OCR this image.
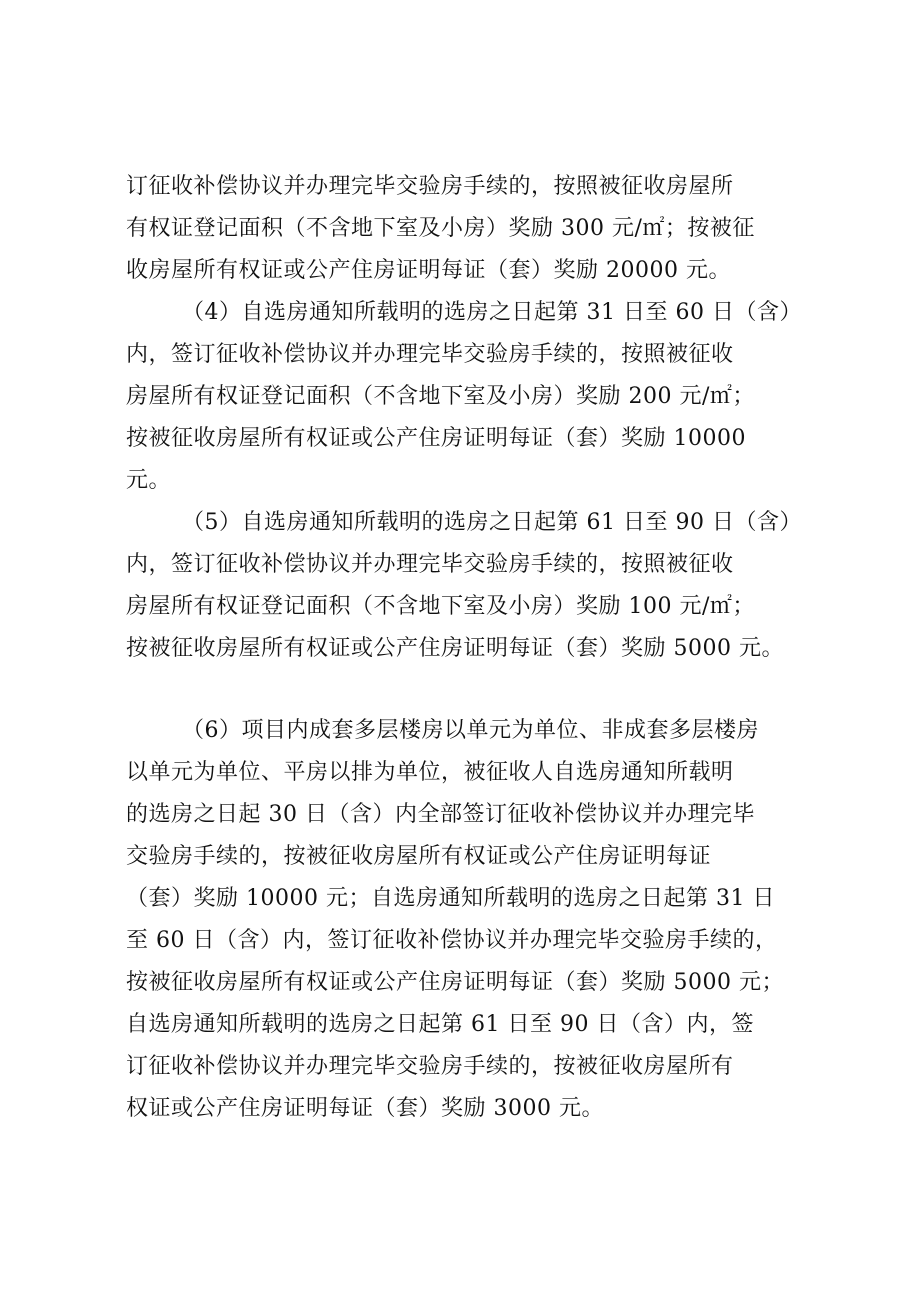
订征收补偿协议并办理完毕交验房手续的，按照被征收房屋所
有权证登记面积（不含地下室及小房）奖励 300 元/㎡；按被征
收房屋所有权证或公产住房证明每证（套）奖励 20000 元。
（4）自选房通知所载明的选房之日起第 31 日至 60 日（含）
内，签订征收补偿协议并办理完毕交验房手续的，按照被征收
房屋所有权证登记面积（不含地下室及小房）奖励 200 元/㎡；
按被征收房屋所有权证或公产住房证明每证（套）奖励 10000
元。
（5）自选房通知所载明的选房之日起第 61 日至 90 日（含）
内，签订征收补偿协议并办理完毕交验房手续的，按照被征收
房屋所有权证登记面积（不含地下室及小房）奖励 100 元/㎡；
按被征收房屋所有权证或公产住房证明每证（套）奖励 5000 元。
（6）项目内成套多层楼房以单元为单位、非成套多层楼房
以单元为单位、平房以排为单位，被征收人自选房通知所载明
的选房之日起 30 日（含）内全部签订征收补偿协议并办理完毕
交验房手续的，按被征收房屋所有权证或公产住房证明每证
（套）奖励 10000 元；自选房通知所载明的选房之日起第 31 日
至 60 日（含）内，签订征收补偿协议并办理完毕交验房手续的，
按被征收房屋所有权证或公产住房证明每证（套）奖励 5000 元；
自选房通知所载明的选房之日起第 61 日至 90 日（含）内，签
订征收补偿协议并办理完毕交验房手续的，按被征收房屋所有
权证或公产住房证明每证（套）奖励 3000 元。
